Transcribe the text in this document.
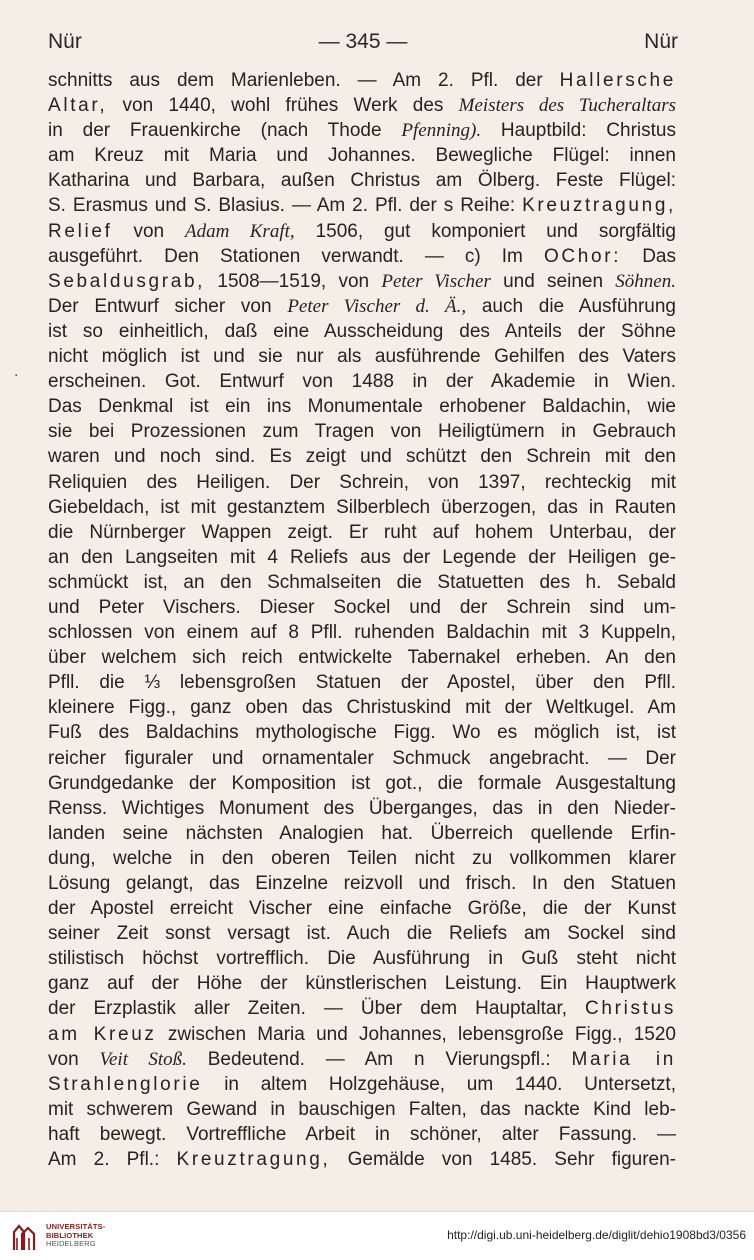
Nür	— 345 —	Nür
·
schnitts aus dem Marienleben. — Am 2. Pfl. der Hallersche
Altar, von 1440, wohl frühes Werk des Meisters des Tucheraltars
in der Frauenkirche (nach Thode Pfenning). Hauptbild: Christus
am Kreuz mit Maria und Johannes. Bewegliche Flügel: innen
Katharina und Barbara, außen Christus am Ölberg. Feste Flügel:
S. Erasmus und S. Blasius. — Am 2. Pfl. der s Reihe: Kreuztragung,
Relief von Adam Kraft, 1506, gut komponiert und sorgfältig
ausgeführt. Den Stationen verwandt. — c) Im OChor: Das
Sebaldusgrab, 1508—1519, von Peter Vischer und seinen Söhnen.
Der Entwurf sicher von Peter Vischer d. Ä., auch die Ausführung
ist so einheitlich, daß eine Ausscheidung des Anteils der Söhne
nicht möglich ist und sie nur als ausführende Gehilfen des Vaters
erscheinen. Got. Entwurf von 1488 in der Akademie in Wien.
Das Denkmal ist ein ins Monumentale erhobener Baldachin, wie
sie bei Prozessionen zum Tragen von Heiligtümern in Gebrauch
waren und noch sind. Es zeigt und schützt den Schrein mit den
Reliquien des Heiligen. Der Schrein, von 1397, rechteckig mit
Giebeldach, ist mit gestanztem Silberblech überzogen, das in Rauten
die Nürnberger Wappen zeigt. Er ruht auf hohem Unterbau, der
an den Langseiten mit 4 Reliefs aus der Legende der Heiligen ge-
schmückt ist, an den Schmalseiten die Statuetten des h. Sebald
und Peter Vischers. Dieser Sockel und der Schrein sind um-
schlossen von einem auf 8 Pfll. ruhenden Baldachin mit 3 Kuppeln,
über welchem sich reich entwickelte Tabernakel erheben. An den
Pfll. die ⅓ lebensgroßen Statuen der Apostel, über den Pfll.
kleinere Figg., ganz oben das Christuskind mit der Weltkugel. Am
Fuß des Baldachins mythologische Figg. Wo es möglich ist, ist
reicher figuraler und ornamentaler Schmuck angebracht. — Der
Grundgedanke der Komposition ist got., die formale Ausgestaltung
Renss. Wichtiges Monument des Überganges, das in den Nieder-
landen seine nächsten Analogien hat. Überreich quellende Erfin-
dung, welche in den oberen Teilen nicht zu vollkommen klarer
Lösung gelangt, das Einzelne reizvoll und frisch. In den Statuen
der Apostel erreicht Vischer eine einfache Größe, die der Kunst
seiner Zeit sonst versagt ist. Auch die Reliefs am Sockel sind
stilistisch höchst vortrefflich. Die Ausführung in Guß steht nicht
ganz auf der Höhe der künstlerischen Leistung. Ein Hauptwerk
der Erzplastik aller Zeiten. — Über dem Hauptaltar, Christus
am Kreuz zwischen Maria und Johannes, lebensgroße Figg., 1520
von Veit Stoß. Bedeutend. — Am n Vierungspfl.: Maria in
Strahlenglorie in altem Holzgehäuse, um 1440. Untersetzt,
mit schwerem Gewand in bauschigen Falten, das nackte Kind leb-
haft bewegt. Vortreffliche Arbeit in schöner, alter Fassung. —
Am 2. Pfl.: Kreuztragung, Gemälde von 1485. Sehr figuren-
UNIVERSITÄTS-
BIBLIOTHEK
HEIDELBERG
http://digi.ub.uni-heidelberg.de/diglit/dehio1908bd3/0356
